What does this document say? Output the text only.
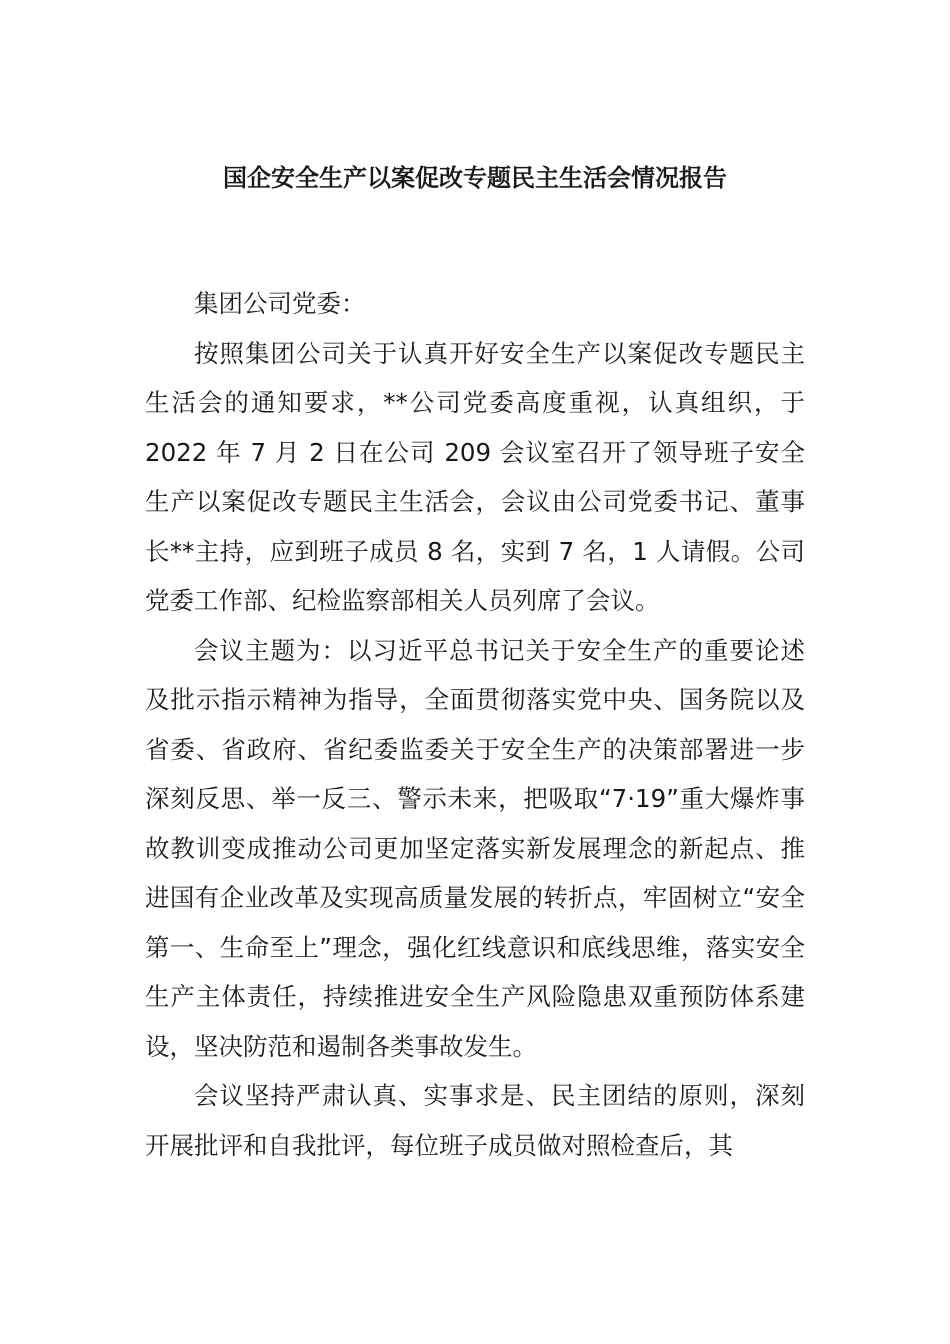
国企安全生产以案促改专题民主生活会情况报告

集团公司党委：

按照集团公司关于认真开好安全生产以案促改专题民主生活会的通知要求，**公司党委高度重视，认真组织，于 2022 年 7 月 2 日在公司 209 会议室召开了领导班子安全生产以案促改专题民主生活会，会议由公司党委书记、董事长**主持，应到班子成员 8 名，实到 7 名，1 人请假。公司党委工作部、纪检监察部相关人员列席了会议。

会议主题为：以习近平总书记关于安全生产的重要论述及批示指示精神为指导，全面贯彻落实党中央、国务院以及省委、省政府、省纪委监委关于安全生产的决策部署进一步深刻反思、举一反三、警示未来，把吸取“7·19”重大爆炸事故教训变成推动公司更加坚定落实新发展理念的新起点、推进国有企业改革及实现高质量发展的转折点，牢固树立“安全第一、生命至上”理念，强化红线意识和底线思维，落实安全生产主体责任，持续推进安全生产风险隐患双重预防体系建设，坚决防范和遏制各类事故发生。

会议坚持严肃认真、实事求是、民主团结的原则，深刻开展批评和自我批评，每位班子成员做对照检查后，其
